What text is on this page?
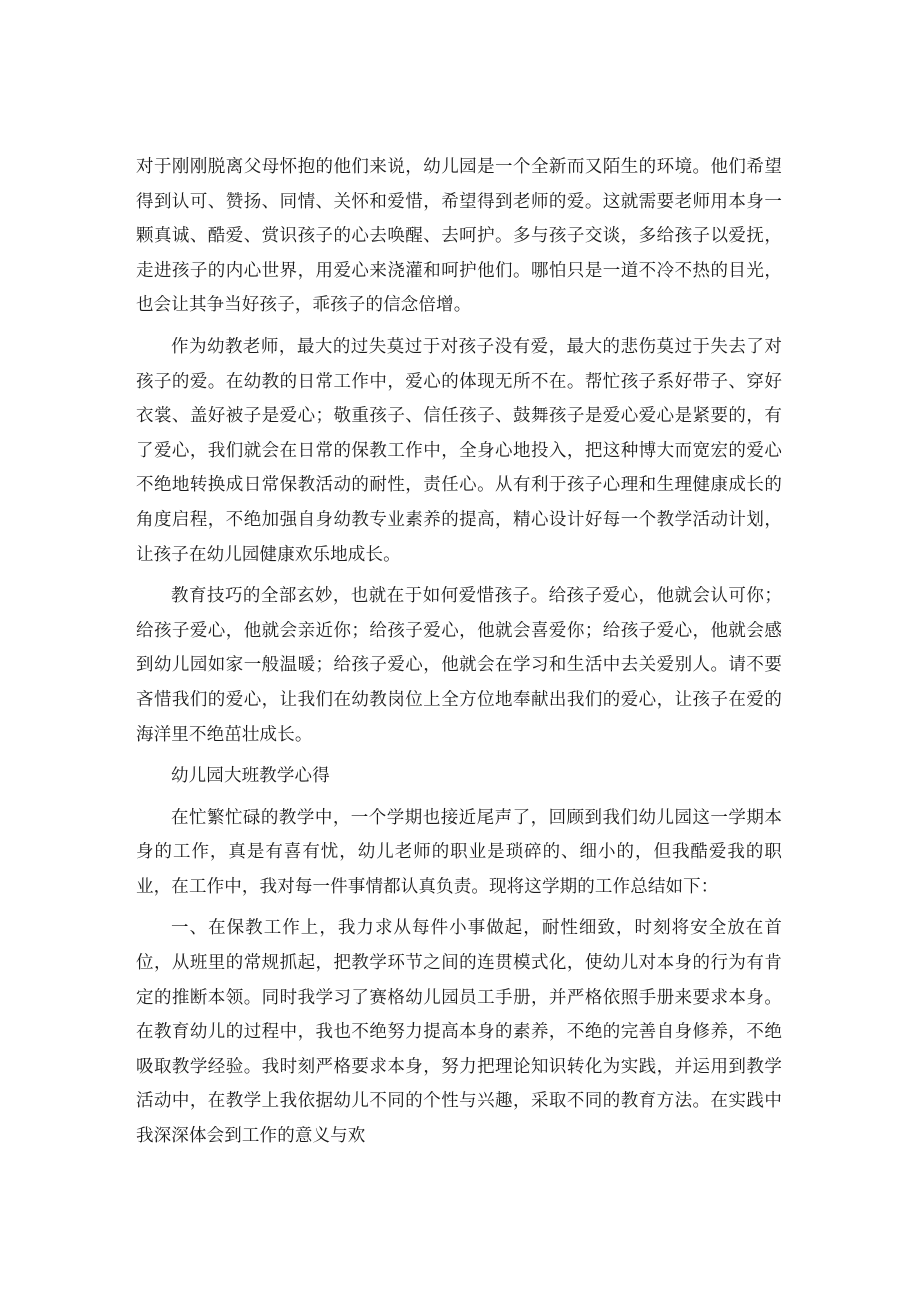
对于刚刚脱离父母怀抱的他们来说，幼儿园是一个全新而又陌生的环境。他们希望得到认可、赞扬、同情、关怀和爱惜，希望得到老师的爱。这就需要老师用本身一颗真诚、酷爱、赏识孩子的心去唤醒、去呵护。多与孩子交谈，多给孩子以爱抚，走进孩子的内心世界，用爱心来浇灌和呵护他们。哪怕只是一道不冷不热的目光，也会让其争当好孩子，乖孩子的信念倍增。

作为幼教老师，最大的过失莫过于对孩子没有爱，最大的悲伤莫过于失去了对孩子的爱。在幼教的日常工作中，爱心的体现无所不在。帮忙孩子系好带子、穿好衣裳、盖好被子是爱心；敬重孩子、信任孩子、鼓舞孩子是爱心爱心是紧要的，有了爱心，我们就会在日常的保教工作中，全身心地投入，把这种博大而宽宏的爱心不绝地转换成日常保教活动的耐性，责任心。从有利于孩子心理和生理健康成长的角度启程，不绝加强自身幼教专业素养的提高，精心设计好每一个教学活动计划，让孩子在幼儿园健康欢乐地成长。

教育技巧的全部玄妙，也就在于如何爱惜孩子。给孩子爱心，他就会认可你；给孩子爱心，他就会亲近你；给孩子爱心，他就会喜爱你；给孩子爱心，他就会感到幼儿园如家一般温暖；给孩子爱心，他就会在学习和生活中去关爱别人。请不要吝惜我们的爱心，让我们在幼教岗位上全方位地奉献出我们的爱心，让孩子在爱的海洋里不绝茁壮成长。

幼儿园大班教学心得

在忙繁忙碌的教学中，一个学期也接近尾声了，回顾到我们幼儿园这一学期本身的工作，真是有喜有忧，幼儿老师的职业是琐碎的、细小的，但我酷爱我的职业，在工作中，我对每一件事情都认真负责。现将这学期的工作总结如下：

一、在保教工作上，我力求从每件小事做起，耐性细致，时刻将安全放在首位，从班里的常规抓起，把教学环节之间的连贯模式化，使幼儿对本身的行为有肯定的推断本领。同时我学习了赛格幼儿园员工手册，并严格依照手册来要求本身。在教育幼儿的过程中，我也不绝努力提高本身的素养，不绝的完善自身修养，不绝吸取教学经验。我时刻严格要求本身，努力把理论知识转化为实践，并运用到教学活动中，在教学上我依据幼儿不同的个性与兴趣，采取不同的教育方法。在实践中我深深体会到工作的意义与欢
